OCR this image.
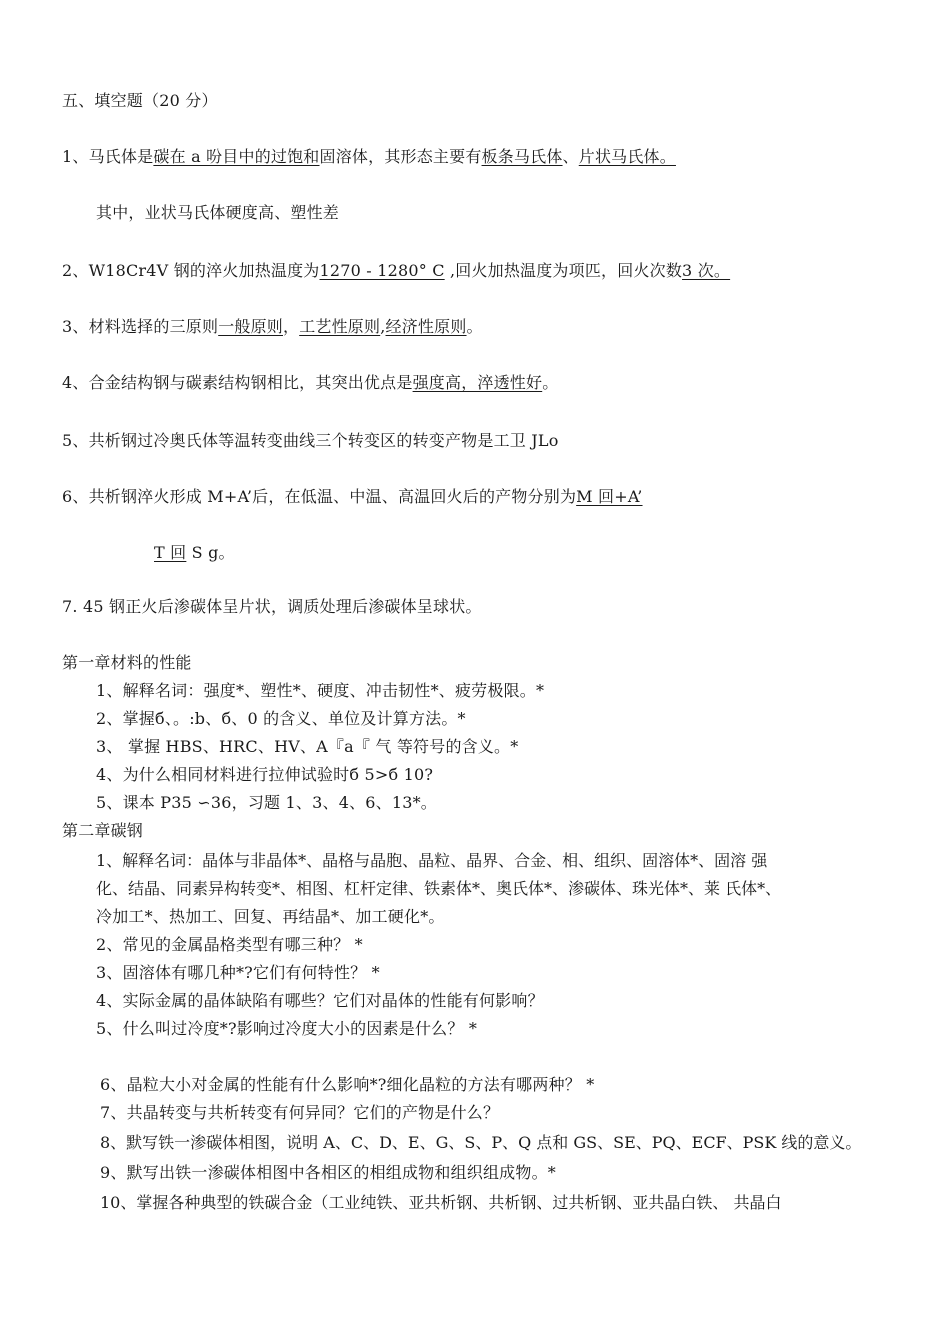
五、填空题（20 分）
1、马氏体是碳在 a 吩目中的过饱和固溶体，其形态主要有板条马氏体、片状马氏体。
其中，业状马氏体硬度高、塑性差
2、W18Cr4V 钢的淬火加热温度为1270 - 1280° C ,回火加热温度为项匹，回火次数3 次。
3、材料选择的三原则一般原则，工艺性原则,经济性原则。
4、合金结构钢与碳素结构钢相比，其突出优点是强度高，淬透性好。
5、共析钢过冷奥氏体等温转变曲线三个转变区的转变产物是工卫 JLo
6、共析钢淬火形成 M+A’后，在低温、中温、高温回火后的产物分别为M 回+A’
T 回 S g。
7. 45 钢正火后渗碳体呈片状，调质处理后渗碳体呈球状。
第一章材料的性能
1、解释名词：强度*、塑性*、硬度、冲击韧性*、疲劳极限。*
2、掌握б、。:b、б、0 的含义、单位及计算方法。*
3、 掌握 HBS、HRC、HV、A『a『 气 等符号的含义。*
4、为什么相同材料进行拉伸试验时б 5>б 10?
5、课本 P35 ∽36，习题 1、3、4、6、13*。
第二章碳钢
1、解释名词：晶体与非晶体*、晶格与晶胞、晶粒、晶界、合金、相、组织、固溶体*、固溶 强
化、结晶、同素异构转变*、相图、杠杆定律、铁素体*、奥氏体*、渗碳体、珠光体*、莱 氏体*、
冷加工*、热加工、回复、再结晶*、加工硬化*。
2、常见的金属晶格类型有哪三种？ *
3、固溶体有哪几种*?它们有何特性？ *
4、实际金属的晶体缺陷有哪些？它们对晶体的性能有何影响？
5、什么叫过冷度*?影响过冷度大小的因素是什么？ *
6、晶粒大小对金属的性能有什么影响*?细化晶粒的方法有哪两种？ *
7、共晶转变与共析转变有何异同？它们的产物是什么？
8、默写铁一渗碳体相图，说明 A、C、D、E、G、S、P、Q 点和 GS、SE、PQ、ECF、PSK 线的意义。
9、默写出铁一渗碳体相图中各相区的相组成物和组织组成物。*
10、掌握各种典型的铁碳合金（工业纯铁、亚共析钢、共析钢、过共析钢、亚共晶白铁、 共晶白
